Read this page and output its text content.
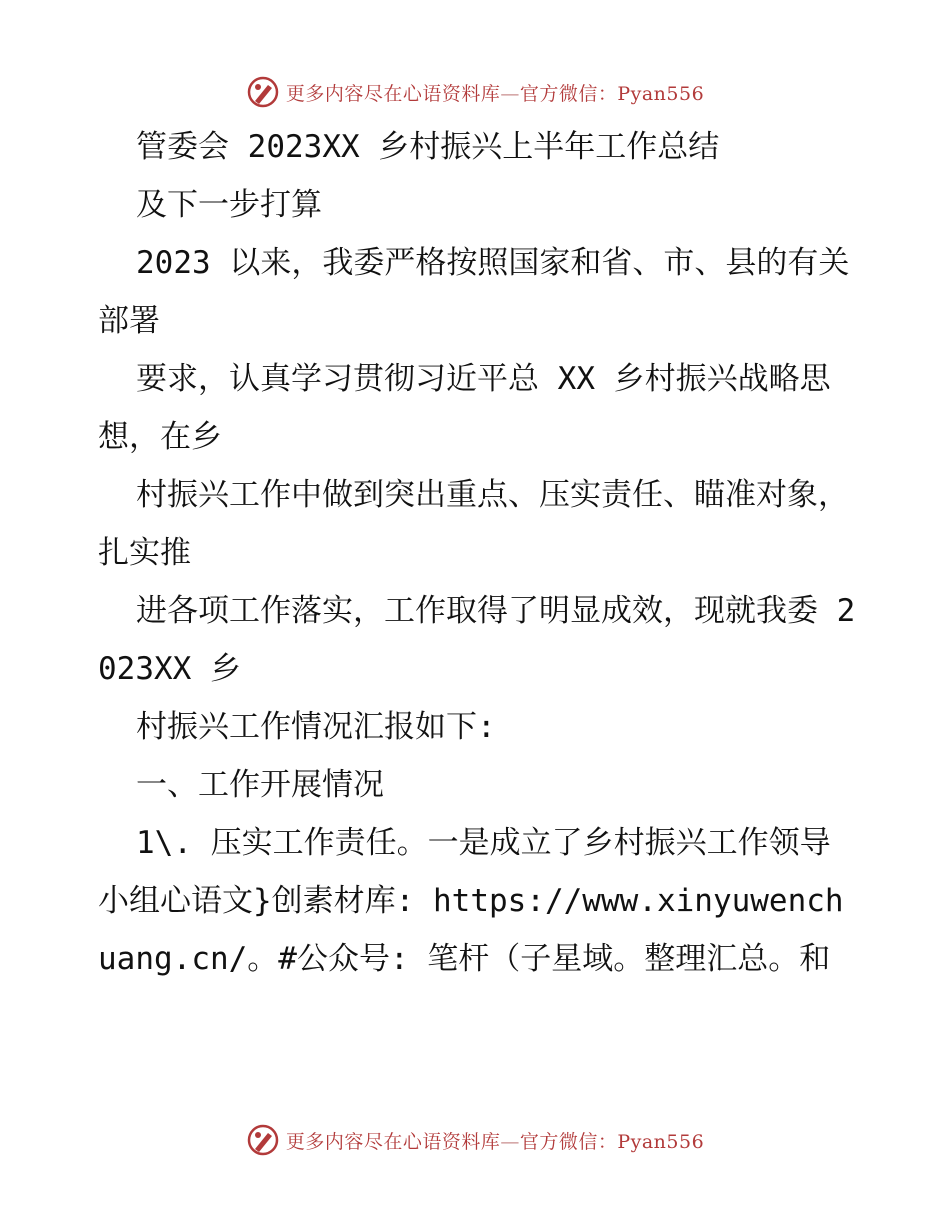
更多内容尽在心语资料库—官方微信：Pyan556

管委会 2023XX 乡村振兴上半年工作总结

及下一步打算

2023 以来，我委严格按照国家和省、市、县的有关部署

要求，认真学习贯彻习近平总 XX 乡村振兴战略思想，在乡

村振兴工作中做到突出重点、压实责任、瞄准对象，扎实推

进各项工作落实，工作取得了明显成效，现就我委 2023XX 乡

村振兴工作情况汇报如下:

一、工作开展情况

1\. 压实工作责任。一是成立了乡村振兴工作领导小组心语文}创素材库: https://www.xinyuwenchuang.cn/。#公众号: 笔杆（子星域。整理汇总。和

更多内容尽在心语资料库—官方微信：Pyan556
